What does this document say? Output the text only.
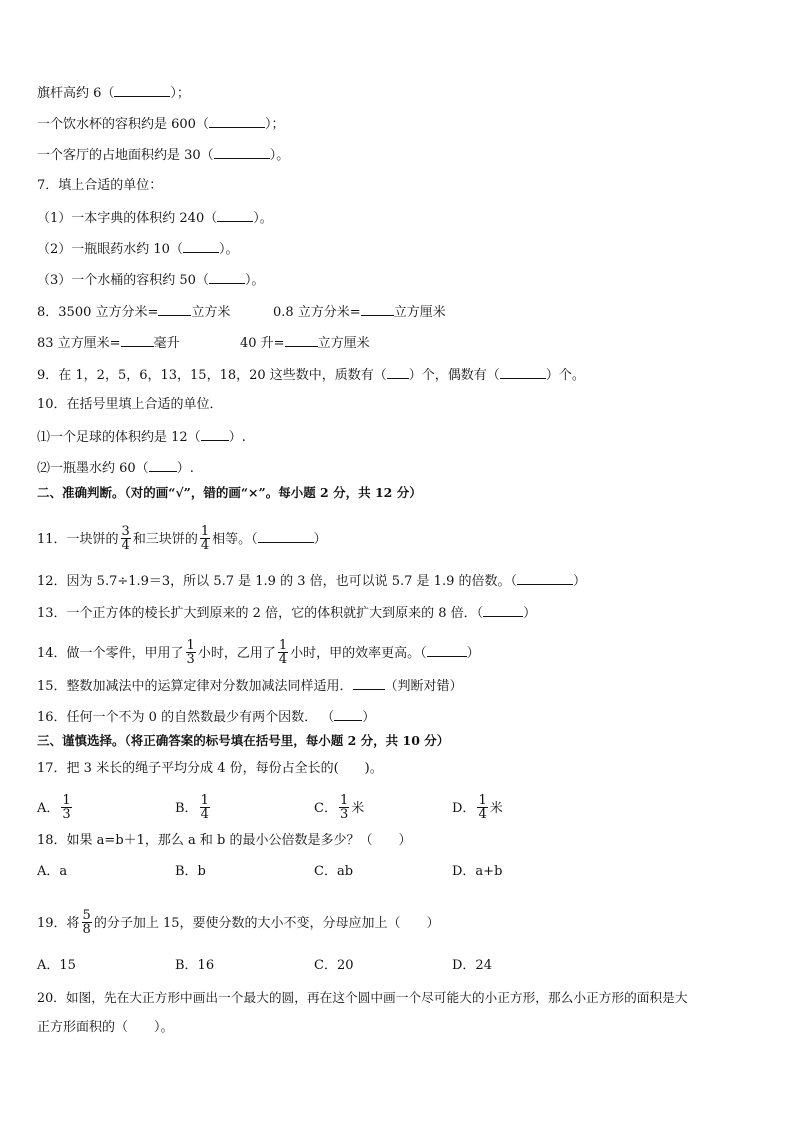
旗杆高约 6（	）；
一个饮水杯的容积约是 600（	）；
一个客厅的占地面积约是 30（	）。
7．填上合适的单位：
（1）一本字典的体积约 240（	）。
（2）一瓶眼药水约 10（	）。
（3）一个水桶的容积约 50（	）。
8．3500 立方分米=	立方米	0.8 立方分米=	立方厘米
83 立方厘米=	毫升	40 升=	立方厘米
9．在 1，2，5，6，13，15，18，20 这些数中，质数有（ ）个，偶数有（	）个。
10．在括号里填上合适的单位．
⑴一个足球的体积约是 12（ ）.
⑵一瓶墨水约 60（ ）.
二、准确判断。（对的画“√”，错的画“×”。每小题 2 分，共 12 分）
11．一块饼的 $\frac{3}{4}$ 和三块饼的 $\frac{1}{4}$ 相等。（	）
12．因为 5.7÷1.9＝3，所以 5.7 是 1.9 的 3 倍，也可以说 5.7 是 1.9 的倍数。（	）
13．一个正方体的棱长扩大到原来的 2 倍，它的体积就扩大到原来的 8 倍．（	）
14．做一个零件，甲用了 $\frac{1}{3}$ 小时，乙用了 $\frac{1}{4}$ 小时，甲的效率更高。（	）
15．整数加减法中的运算定律对分数加减法同样适用． （判断对错）
16．任何一个不为 0 的自然数最少有两个因数． （ ）
三、谨慎选择。（将正确答案的标号填在括号里，每小题 2 分，共 10 分）
17．把 3 米长的绳子平均分成 4 份，每份占全长的(　　)。
A． $\frac{1}{3}$	B． $\frac{1}{4}$	C． $\frac{1}{3}$ 米	D． $\frac{1}{4}$ 米
18．如果 a=b＋1，那么 a 和 b 的最小公倍数是多少？（　　）
A．a	B．b	C．ab	D．a+b
19．将 $\frac{5}{8}$ 的分子加上 15，要使分数的大小不变，分母应加上（　　）
A．15	B．16	C．20	D．24
20．如图，先在大正方形中画出一个最大的圆，再在这个圆中画一个尽可能大的小正方形，那么小正方形的面积是大
正方形面积的（　　）。
